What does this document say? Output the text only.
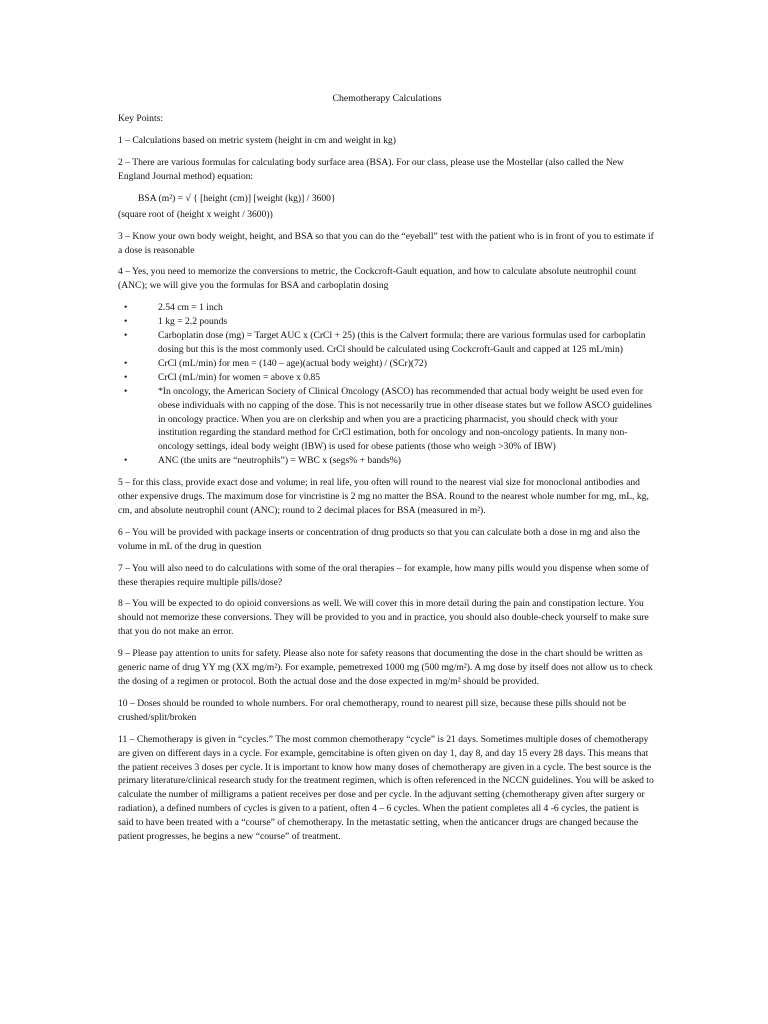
Chemotherapy Calculations

Key Points:

1 – Calculations based on metric system (height in cm and weight in kg)

2 – There are various formulas for calculating body surface area (BSA). For our class, please use the Mostellar (also called the New England Journal method) equation:

BSA (m²) = √ { [height (cm)] [weight (kg)] / 3600}

(square root of (height x weight / 3600))

3 – Know your own body weight, height, and BSA so that you can do the “eyeball” test with the patient who is in front of you to estimate if a dose is reasonable

4 – Yes, you need to memorize the conversions to metric, the Cockcroft-Gault equation, and how to calculate absolute neutrophil count (ANC); we will give you the formulas for BSA and carboplatin dosing

• 2.54 cm = 1 inch
• 1 kg = 2.2 pounds
• Carboplatin dose (mg) = Target AUC x (CrCl + 25) (this is the Calvert formula; there are various formulas used for carboplatin dosing but this is the most commonly used. CrCl should be calculated using Cockcroft-Gault and capped at 125 mL/min)
• CrCl (mL/min) for men = (140 – age)(actual body weight) / (SCr)(72)
• CrCl (mL/min) for women = above x 0.85
• *In oncology, the American Society of Clinical Oncology (ASCO) has recommended that actual body weight be used even for obese individuals with no capping of the dose. This is not necessarily true in other disease states but we follow ASCO guidelines in oncology practice. When you are on clerkship and when you are a practicing pharmacist, you should check with your institution regarding the standard method for CrCl estimation, both for oncology and non-oncology patients. In many non-oncology settings, ideal body weight (IBW) is used for obese patients (those who weigh >30% of IBW)
• ANC (the units are “neutrophils”) = WBC x (segs% + bands%)

5 – for this class, provide exact dose and volume; in real life, you often will round to the nearest vial size for monoclonal antibodies and other expensive drugs. The maximum dose for vincristine is 2 mg no matter the BSA. Round to the nearest whole number for mg, mL, kg, cm, and absolute neutrophil count (ANC); round to 2 decimal places for BSA (measured in m²).

6 – You will be provided with package inserts or concentration of drug products so that you can calculate both a dose in mg and also the volume in mL of the drug in question

7 – You will also need to do calculations with some of the oral therapies – for example, how many pills would you dispense when some of these therapies require multiple pills/dose?

8 – You will be expected to do opioid conversions as well. We will cover this in more detail during the pain and constipation lecture. You should not memorize these conversions. They will be provided to you and in practice, you should also double-check yourself to make sure that you do not make an error.

9 – Please pay attention to units for safety. Please also note for safety reasons that documenting the dose in the chart should be written as generic name of drug YY mg (XX mg/m²). For example, pemetrexed 1000 mg (500 mg/m²). A mg dose by itself does not allow us to check the dosing of a regimen or protocol. Both the actual dose and the dose expected in mg/m² should be provided.

10 – Doses should be rounded to whole numbers. For oral chemotherapy, round to nearest pill size, because these pills should not be crushed/split/broken

11 – Chemotherapy is given in “cycles.” The most common chemotherapy “cycle” is 21 days. Sometimes multiple doses of chemotherapy are given on different days in a cycle. For example, gemcitabine is often given on day 1, day 8, and day 15 every 28 days. This means that the patient receives 3 doses per cycle. It is important to know how many doses of chemotherapy are given in a cycle. The best source is the primary literature/clinical research study for the treatment regimen, which is often referenced in the NCCN guidelines. You will be asked to calculate the number of milligrams a patient receives per dose and per cycle. In the adjuvant setting (chemotherapy given after surgery or radiation), a defined numbers of cycles is given to a patient, often 4 – 6 cycles. When the patient completes all 4 -6 cycles, the patient is said to have been treated with a “course” of chemotherapy. In the metastatic setting, when the anticancer drugs are changed because the patient progresses, he begins a new “course” of treatment.
